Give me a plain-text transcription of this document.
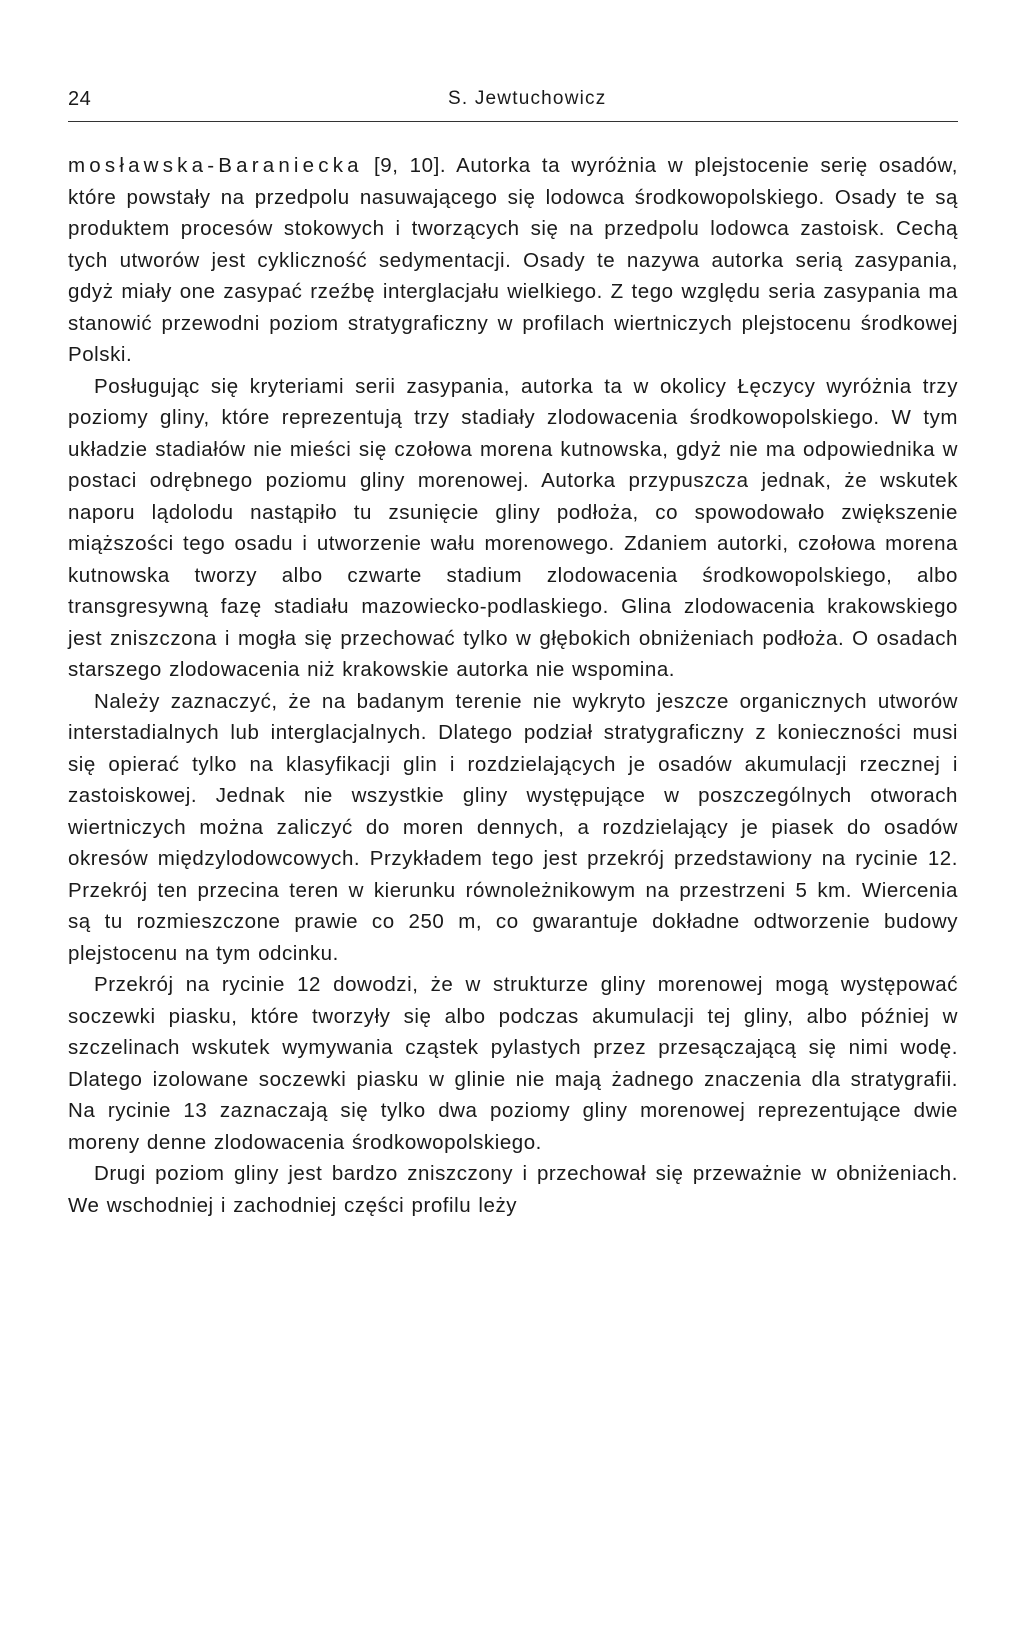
24	S. Jewtuchowicz

mosławska-Baraniecka [9, 10]. Autorka ta wyróżnia w plejstocenie serię osadów, które powstały na przedpolu nasuwającego się lodowca środkowopolskiego. Osady te są produktem procesów stokowych i tworzących się na przedpolu lodowca zastoisk. Cechą tych utworów jest cykliczność sedymentacji. Osady te nazywa autorka serią zasypania, gdyż miały one zasypać rzeźbę interglacjału wielkiego. Z tego względu seria zasypania ma stanowić przewodni poziom stratygraficzny w profilach wiertniczych plejstocenu środkowej Polski.

Posługując się kryteriami serii zasypania, autorka ta w okolicy Łęczycy wyróżnia trzy poziomy gliny, które reprezentują trzy stadiały zlodowacenia środkowopolskiego. W tym układzie stadiałów nie mieści się czołowa morena kutnowska, gdyż nie ma odpowiednika w postaci odrębnego poziomu gliny morenowej. Autorka przypuszcza jednak, że wskutek naporu lądolodu nastąpiło tu zsunięcie gliny podłoża, co spowodowało zwiększenie miąższości tego osadu i utworzenie wału morenowego. Zdaniem autorki, czołowa morena kutnowska tworzy albo czwarte stadium zlodowacenia środkowopolskiego, albo transgresywną fazę stadiału mazowiecko-podlaskiego. Glina zlodowacenia krakowskiego jest zniszczona i mogła się przechować tylko w głębokich obniżeniach podłoża. O osadach starszego zlodowacenia niż krakowskie autorka nie wspomina.

Należy zaznaczyć, że na badanym terenie nie wykryto jeszcze organicznych utworów interstadialnych lub interglacjalnych. Dlatego podział stratygraficzny z konieczności musi się opierać tylko na klasyfikacji glin i rozdzielających je osadów akumulacji rzecznej i zastoiskowej. Jednak nie wszystkie gliny występujące w poszczególnych otworach wiertniczych można zaliczyć do moren dennych, a rozdzielający je piasek do osadów okresów międzylodowcowych. Przykładem tego jest przekrój przedstawiony na rycinie 12. Przekrój ten przecina teren w kierunku równoleżnikowym na przestrzeni 5 km. Wiercenia są tu rozmieszczone prawie co 250 m, co gwarantuje dokładne odtworzenie budowy plejstocenu na tym odcinku.

Przekrój na rycinie 12 dowodzi, że w strukturze gliny morenowej mogą występować soczewki piasku, które tworzyły się albo podczas akumulacji tej gliny, albo później w szczelinach wskutek wymywania cząstek pylastych przez przesączającą się nimi wodę. Dlatego izolowane soczewki piasku w glinie nie mają żadnego znaczenia dla stratygrafii. Na rycinie 13 zaznaczają się tylko dwa poziomy gliny morenowej reprezentujące dwie moreny denne zlodowacenia środkowopolskiego.

Drugi poziom gliny jest bardzo zniszczony i przechował się przeważnie w obniżeniach. We wschodniej i zachodniej części profilu leży
